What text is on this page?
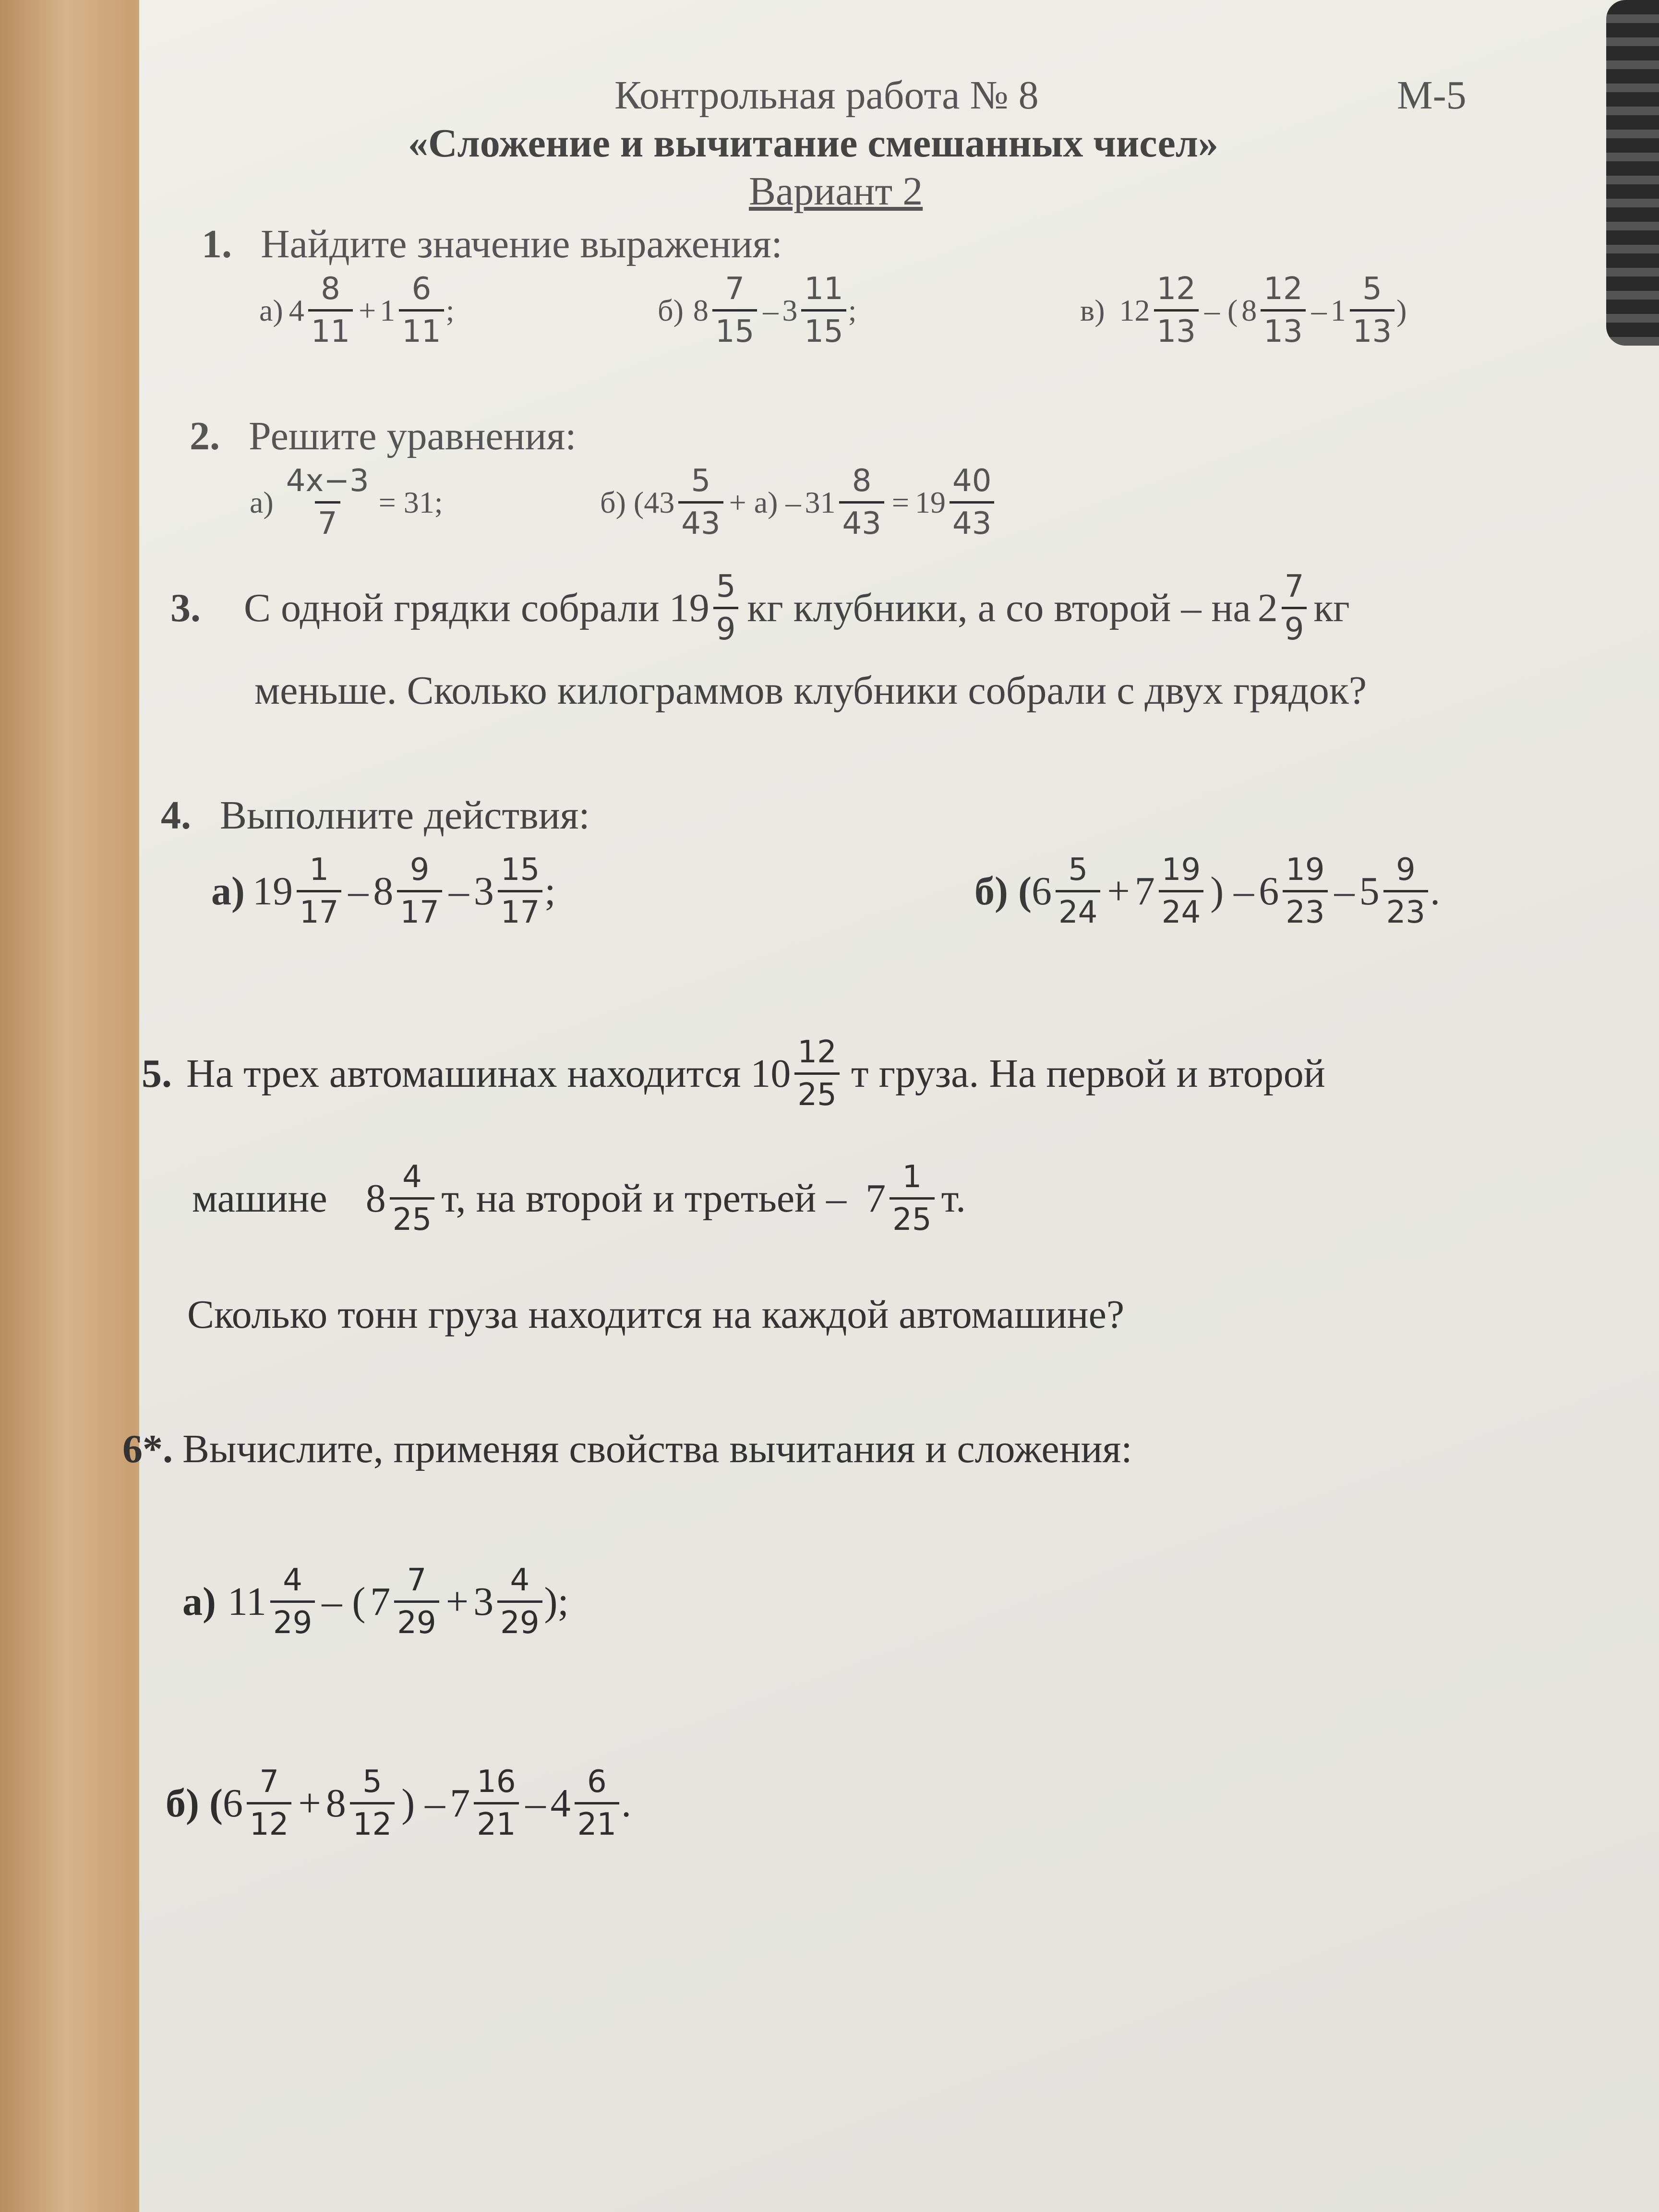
Контрольная работа № 8	М-5
«Сложение и вычитание смешанных чисел»
Вариант 2
1. Найдите значение выражения:
а) $4 \frac{8}{11} + 1 \frac{6}{11}$ ;	б) $8 \frac{7}{15} - 3 \frac{11}{15}$ ;	в) $12 \frac{12}{13}$ – ( $8 \frac{12}{13} - 1 \frac{5}{13}$ )
2. Решите уравнения:
$а) \frac{4x-3}{7} = 31$;	б) ( $43 \frac{5}{43} + a) - 31 \frac{8}{43} = 19 \frac{40}{43}$
3. С одной грядки собрали $19 \frac{5}{9}$ кг клубники, а со второй – на $2 \frac{7}{9}$ кг
меньше. Сколько килограммов клубники собрали с двух грядок?
4. Выполните действия:
а) $19 \frac{1}{17} - 8 \frac{9}{17} - 3 \frac{15}{17}$ ;	б) ( $6 \frac{5}{24} + 7 \frac{19}{24}$ ) – $6 \frac{19}{23} - 5 \frac{9}{23}$ .
5. На трех автомашинах находится $10 \frac{12}{25}$ т груза. На первой и второй
машине $8 \frac{4}{25} т$, на второй и третьей – $7 \frac{1}{25} т$.
Сколько тонн груза находится на каждой автомашине?
6*. Вычислите, применяя свойства вычитания и сложения:
а) $11 \frac{4}{29}$ – ( $7 \frac{7}{29} + 3 \frac{4}{29}$ );
б) ( $6 \frac{7}{12} + 8 \frac{5}{12}$ ) – $7 \frac{16}{21} - 4 \frac{6}{21}$ .
